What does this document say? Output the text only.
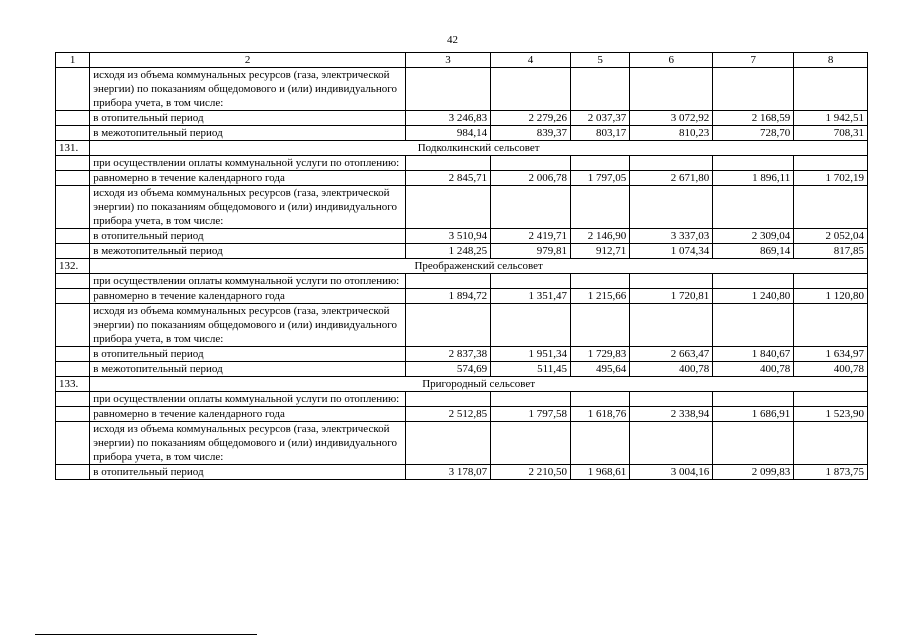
42
1	2	3	4	5	6	7	8
	исходя из объема коммунальных ресурсов (газа, электрической энергии) по показаниям общедомового и (или) индивидуального прибора учета, в том числе:						
	в отопительный период	3 246,83	2 279,26	2 037,37	3 072,92	2 168,59	1 942,51
	в межотопительный период	984,14	839,37	803,17	810,23	728,70	708,31
131.	Подколкинский сельсовет						
	при осуществлении оплаты коммунальной услуги по отоплению:						
	равномерно в течение календарного года	2 845,71	2 006,78	1 797,05	2 671,80	1 896,11	1 702,19
	исходя из объема коммунальных ресурсов (газа, электрической энергии) по показаниям общедомового и (или) индивидуального прибора учета, в том числе:						
	в отопительный период	3 510,94	2 419,71	2 146,90	3 337,03	2 309,04	2 052,04
	в межотопительный период	1 248,25	979,81	912,71	1 074,34	869,14	817,85
132.	Преображенский сельсовет						
	при осуществлении оплаты коммунальной услуги по отоплению:						
	равномерно в течение календарного года	1 894,72	1 351,47	1 215,66	1 720,81	1 240,80	1 120,80
	исходя из объема коммунальных ресурсов (газа, электрической энергии) по показаниям общедомового и (или) индивидуального прибора учета, в том числе:						
	в отопительный период	2 837,38	1 951,34	1 729,83	2 663,47	1 840,67	1 634,97
	в межотопительный период	574,69	511,45	495,64	400,78	400,78	400,78
133.	Пригородный сельсовет						
	при осуществлении оплаты коммунальной услуги по отоплению:						
	равномерно в течение календарного года	2 512,85	1 797,58	1 618,76	2 338,94	1 686,91	1 523,90
	исходя из объема коммунальных ресурсов (газа, электрической энергии) по показаниям общедомового и (или) индивидуального прибора учета, в том числе:						
	в отопительный период	3 178,07	2 210,50	1 968,61	3 004,16	2 099,83	1 873,75
